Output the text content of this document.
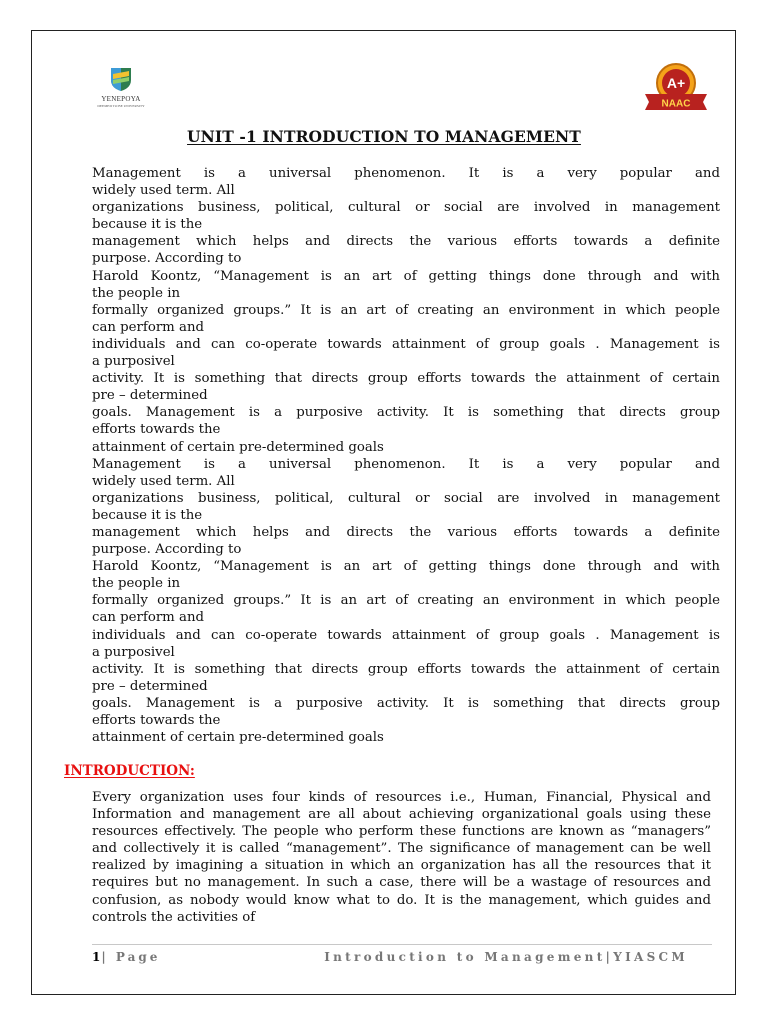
YENEPOYA
DEEMED TO BE UNIVERSITY
A+
NAAC
UNIT -1 INTRODUCTION TO MANAGEMENT

Management is a universal phenomenon. It is a very popular and

widely used term. All

organizations business, political, cultural or social are involved in management

because it is the

management which helps and directs the various efforts towards a definite

purpose. According to

Harold Koontz, “Management is an art of getting things done through and with

the people in

formally organized groups.” It is an art of creating an environment in which people

can perform and

individuals and can co-operate towards attainment of group goals . Management is

a purposivel

activity. It is something that directs group efforts towards the attainment of certain

pre – determined

goals. Management is a purposive activity. It is something that directs group

efforts towards the

attainment of certain pre-determined goals

Management is a universal phenomenon. It is a very popular and

widely used term. All

organizations business, political, cultural or social are involved in management

because it is the

management which helps and directs the various efforts towards a definite

purpose. According to

Harold Koontz, “Management is an art of getting things done through and with

the people in

formally organized groups.” It is an art of creating an environment in which people

can perform and

individuals and can co-operate towards attainment of group goals . Management is

a purposivel

activity. It is something that directs group efforts towards the attainment of certain

pre – determined

goals. Management is a purposive activity. It is something that directs group

efforts towards the

attainment of certain pre-determined goals

INTRODUCTION:
Every organization uses four kinds of resources i.e., Human, Financial, Physical and Information and management are all about achieving organizational goals using these resources effectively. The people who perform these functions are known as “managers” and collectively it is called “management”. The significance of management can be well realized by imagining a situation in which an organization has all the resources that it requires but no management. In such a case, there will be a wastage of resources and confusion, as nobody would know what to do. It is the management, which guides and controls the activities of
1| Page	Introduction to Management|YIASCM
